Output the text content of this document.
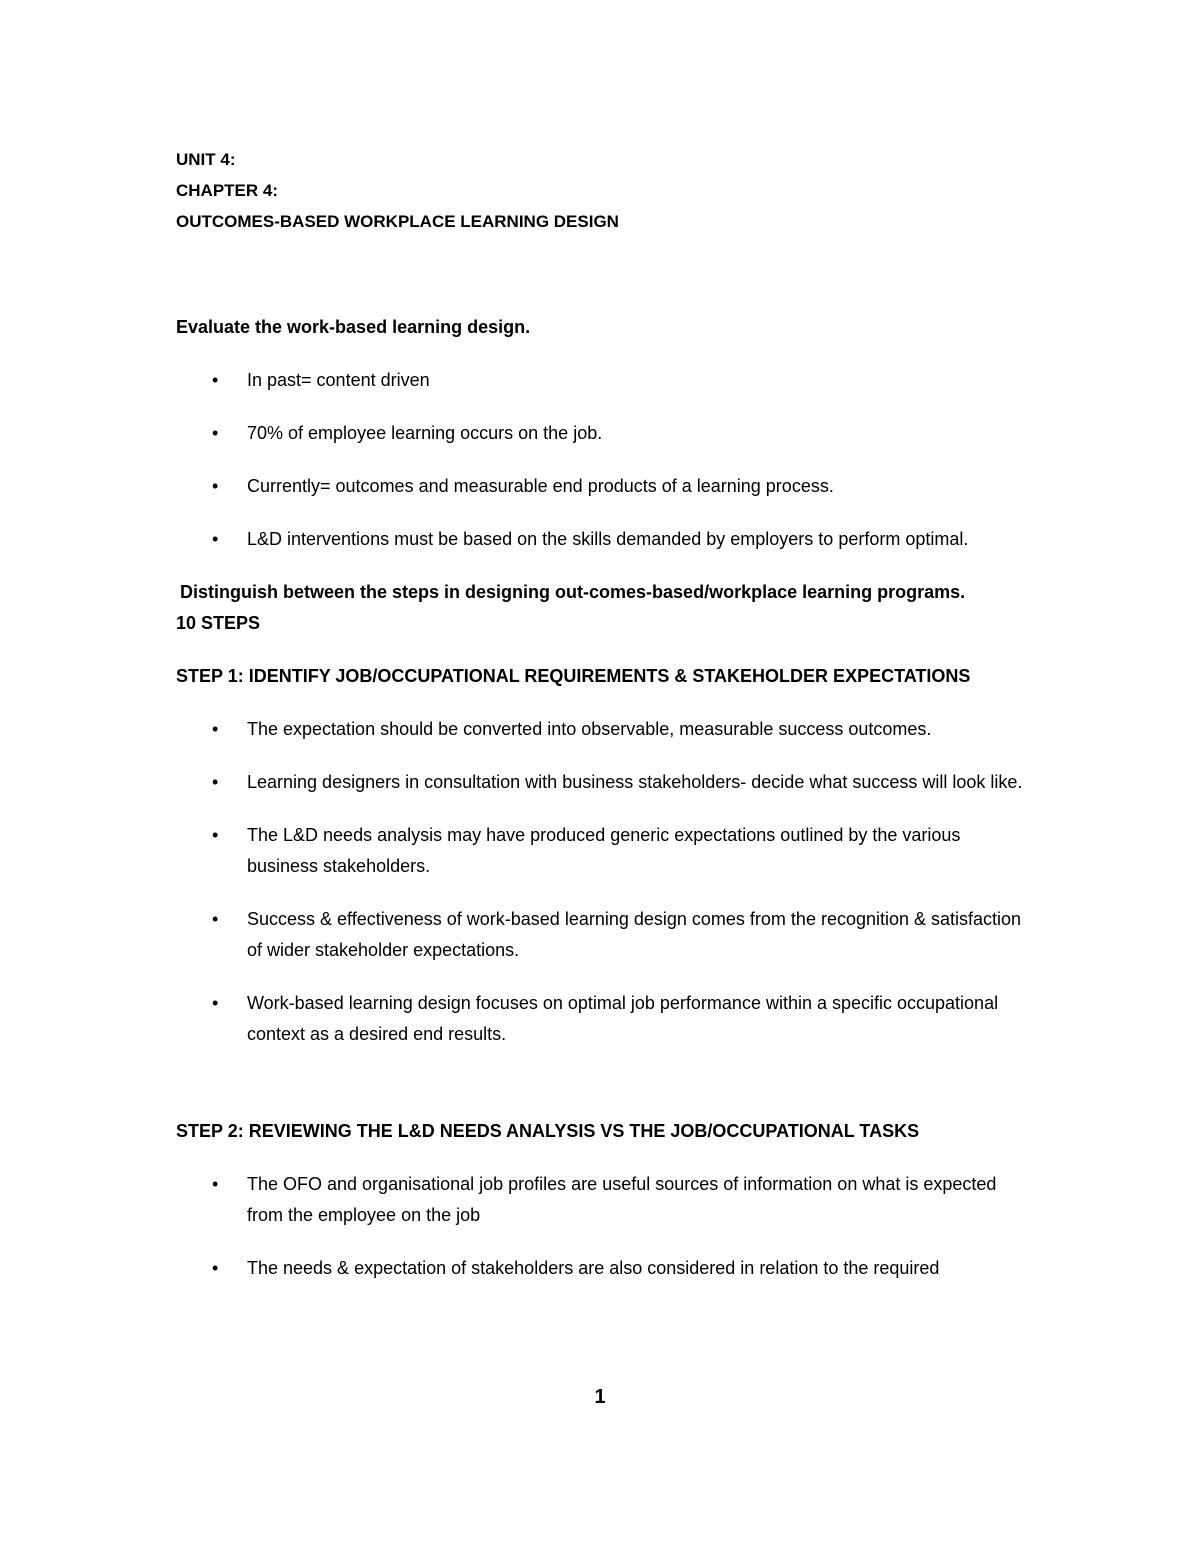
UNIT 4:
CHAPTER 4:
OUTCOMES-BASED WORKPLACE LEARNING DESIGN

Evaluate the work-based learning design.

• In past= content driven
• 70% of employee learning occurs on the job.
• Currently= outcomes and measurable end products of a learning process.
• L&D interventions must be based on the skills demanded by employers to perform optimal.
Distinguish between the steps in designing out-comes-based/workplace learning programs.
10 STEPS

STEP 1: IDENTIFY JOB/OCCUPATIONAL REQUIREMENTS & STAKEHOLDER EXPECTATIONS

• The expectation should be converted into observable, measurable success outcomes.
• Learning designers in consultation with business stakeholders- decide what success will look like.
• The L&D needs analysis may have produced generic expectations outlined by the various business stakeholders.
• Success & effectiveness of work-based learning design comes from the recognition & satisfaction of wider stakeholder expectations.
• Work-based learning design focuses on optimal job performance within a specific occupational context as a desired end results.

STEP 2: REVIEWING THE L&D NEEDS ANALYSIS VS THE JOB/OCCUPATIONAL TASKS

• The OFO and organisational job profiles are useful sources of information on what is expected from the employee on the job
• The needs & expectation of stakeholders are also considered in relation to the required
1
